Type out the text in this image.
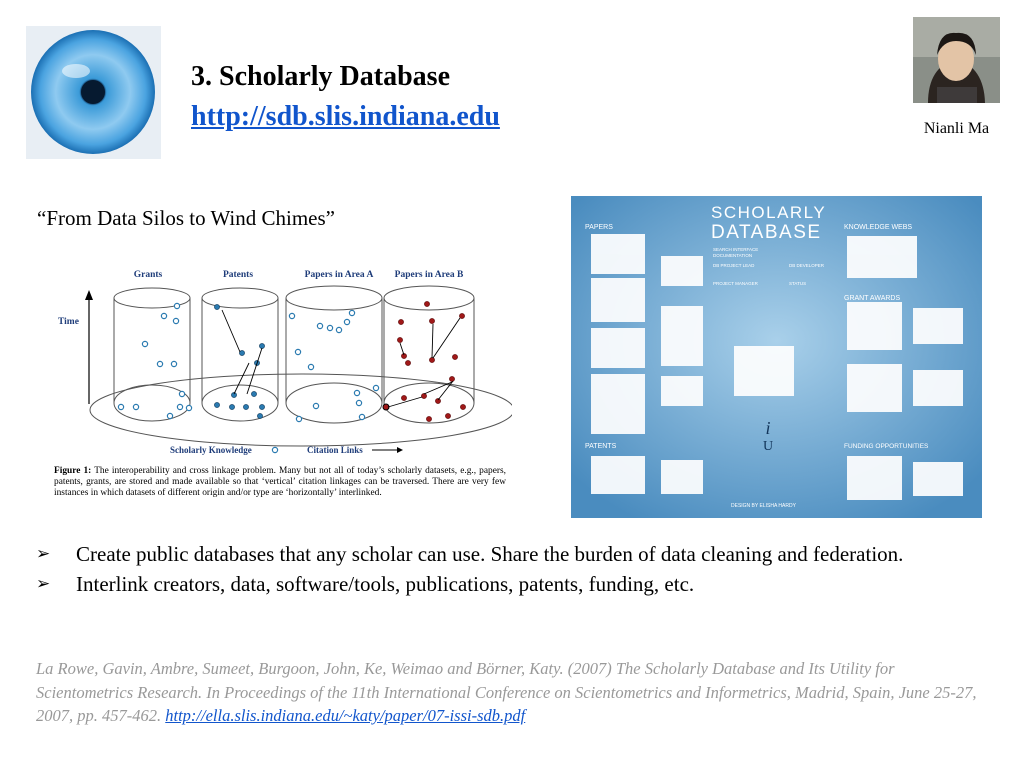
3. Scholarly Database
http://sdb.slis.indiana.edu	Nianli Ma
“From Data Silos to Wind Chimes”
Grants	Patents	Papers in Area A Papers in Area B
Time
Scholarly Knowledge	Citation Links
Figure 1: The interoperability and cross linkage problem. Many but not all of today’s scholarly datasets, e.g., papers, patents, grants, are stored and made available so that ‘vertical’ citation linkages can be traversed. There are very few instances in which datasets of different origin and/or type are ‘horizontally’ interlinked.
SCHOLARLY
DATABASE
PAPERS	KNOWLEDGE WEBS
GRANT AWARDS
PATENTS	FUNDING OPPORTUNITIES
SEARCH INTERFACE
DOCUMENTATION
DB PROJECT LEAD	DB DEVELOPER
PROJECT MANAGER	STATUS
DESIGN BY ELISHA HARDY
i
U
➢ Create public databases that any scholar can use. Share the burden of data cleaning and federation.
➢ Interlink creators, data, software/tools, publications, patents, funding, etc.
La Rowe, Gavin, Ambre, Sumeet, Burgoon, John, Ke, Weimao and Börner, Katy. (2007) The Scholarly Database and Its Utility for Scientometrics Research. In Proceedings of the 11th International Conference on Scientometrics and Informetrics, Madrid, Spain, June 25-27, 2007, pp. 457-462. http://ella.slis.indiana.edu/~katy/paper/07-issi-sdb.pdf
